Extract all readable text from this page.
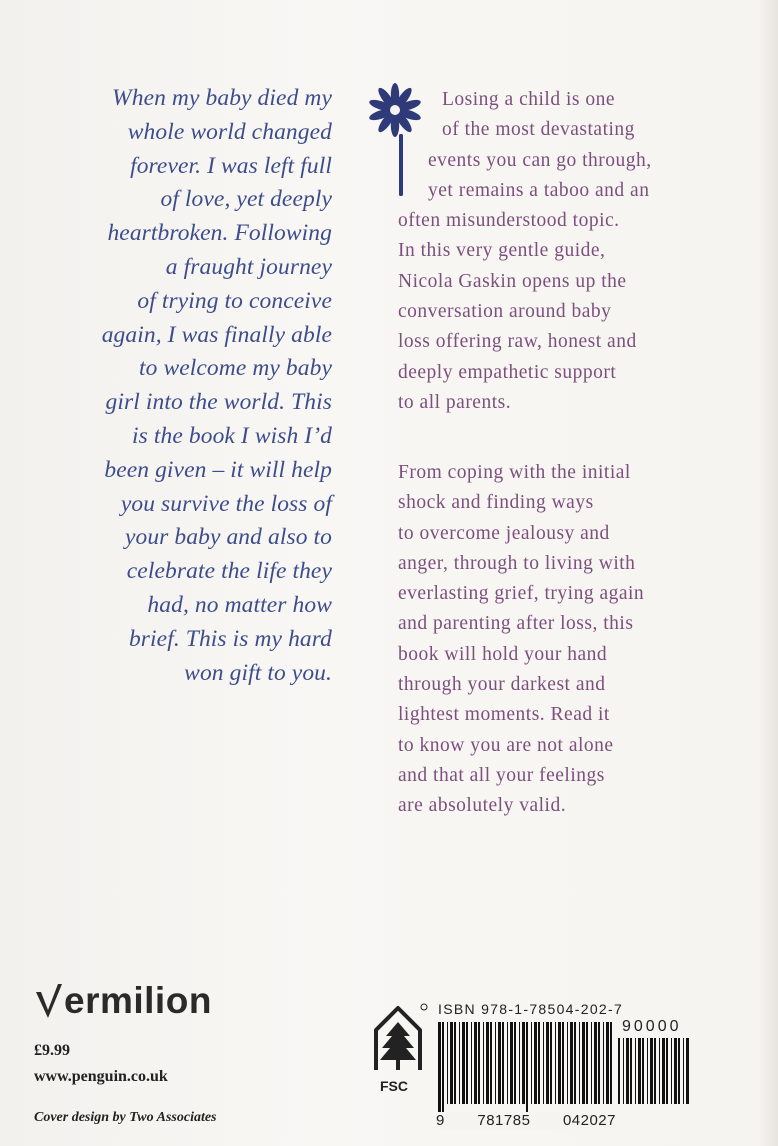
When my baby died my
whole world changed
forever. I was left full
of love, yet deeply
heartbroken. Following
a fraught journey
of trying to conceive
again, I was finally able
to welcome my baby
girl into the world. This
is the book I wish I’d
been given – it will help
you survive the loss of
your baby and also to
celebrate the life they
had, no matter how
brief. This is my hard
won gift to you.
Losing a child is one
of the most devastating
events you can go through,
yet remains a taboo and an
often misunderstood topic.
In this very gentle guide,
Nicola Gaskin opens up the
conversation around baby
loss offering raw, honest and
deeply empathetic support
to all parents.
From coping with the initial
shock and finding ways
to overcome jealousy and
anger, through to living with
everlasting grief, trying again
and parenting after loss, this
book will hold your hand
through your darkest and
lightest moments. Read it
to know you are not alone
and that all your feelings
are absolutely valid.
ermilion
£9.99
www.penguin.co.uk
Cover design by Two Associates
FSC
ISBN 978-1-78504-202-7
90000
9 781785 042027
